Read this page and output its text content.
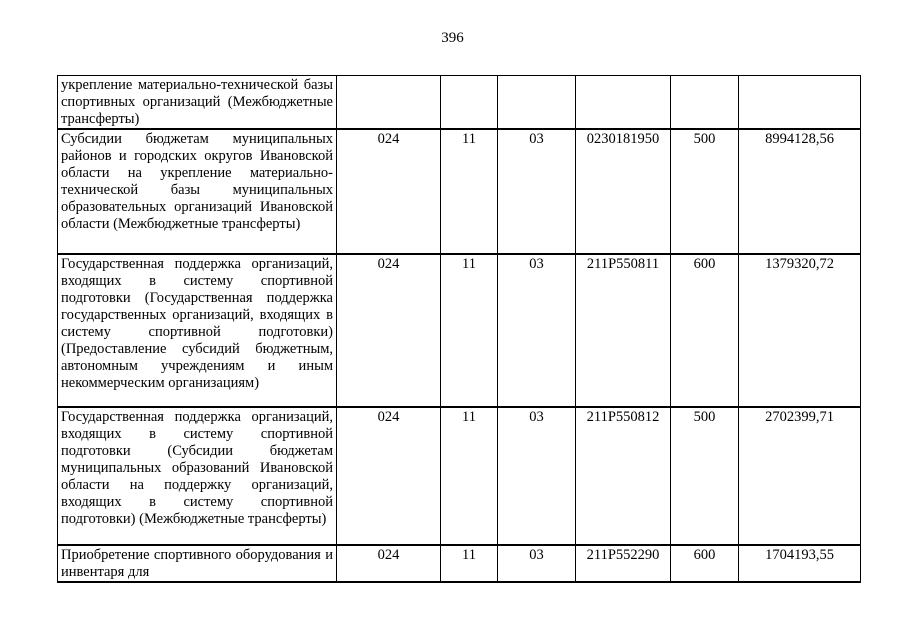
396
укрепление материально-технической базы спортивных организаций (Межбюджетные трансферты)						
Субсидии бюджетам муниципальных районов и городских округов Ивановской области на укрепление материально-технической базы муниципальных образовательных организаций Ивановской области (Межбюджетные трансферты)	024	11	03	0230181950	500	8994128,56
Государственная поддержка организаций, входящих в систему спортивной подготовки (Государственная поддержка государственных организаций, входящих в систему спортивной подготовки) (Предоставление субсидий бюджетным, автономным учреждениям и иным некоммерческим организациям)	024	11	03	211P550811	600	1379320,72
Государственная поддержка организаций, входящих в систему спортивной подготовки (Субсидии бюджетам муниципальных образований Ивановской области на поддержку организаций, входящих в систему спортивной подготовки) (Межбюджетные трансферты)	024	11	03	211P550812	500	2702399,71
Приобретение спортивного оборудования и инвентаря для	024	11	03	211P552290	600	1704193,55
